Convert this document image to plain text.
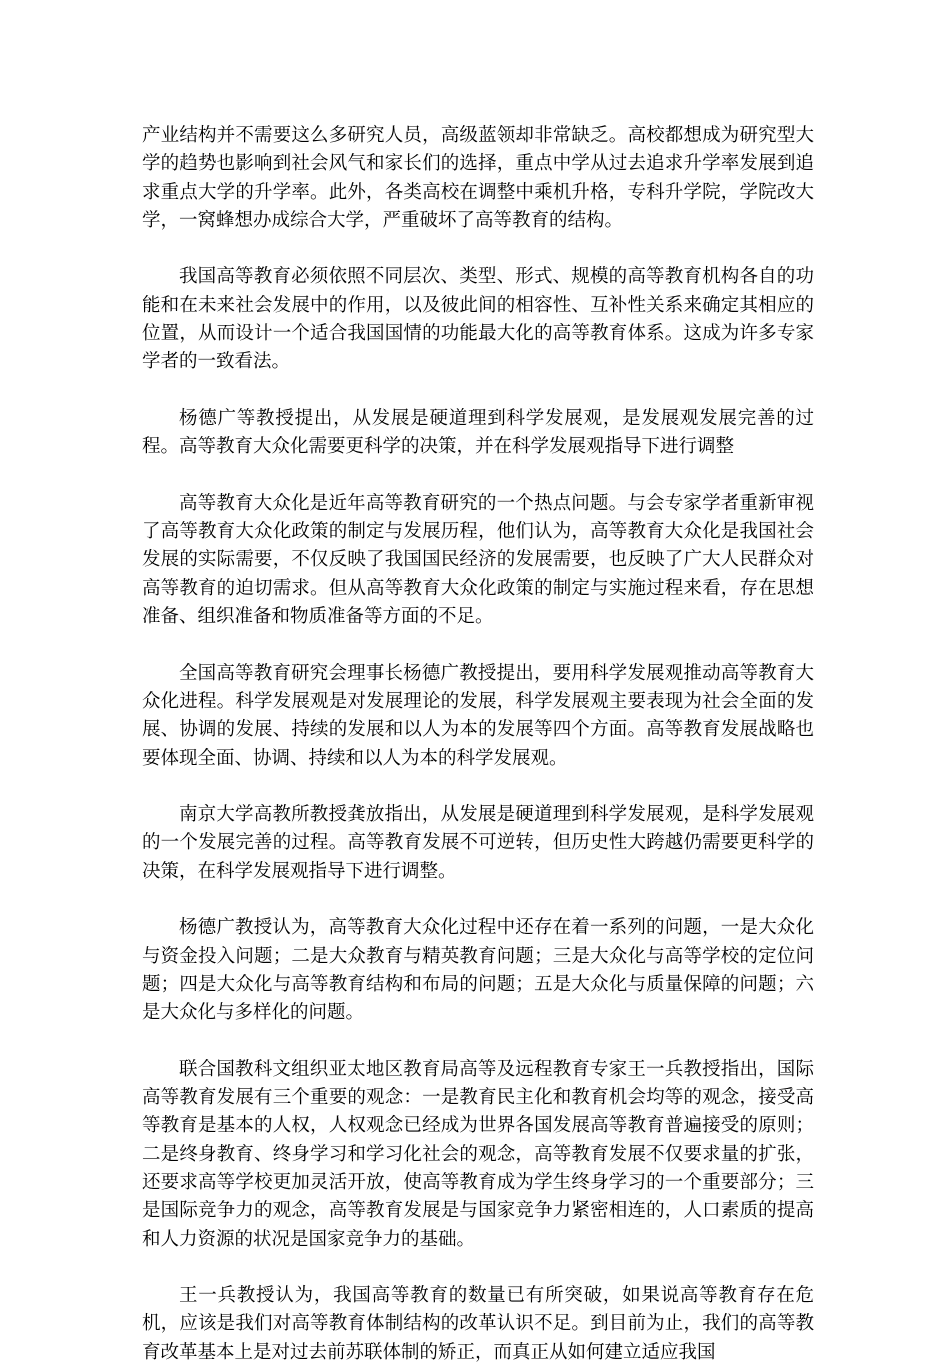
产业结构并不需要这么多研究人员，高级蓝领却非常缺乏。高校都想成为研究型大学的趋势也影响到社会风气和家长们的选择，重点中学从过去追求升学率发展到追求重点大学的升学率。此外，各类高校在调整中乘机升格，专科升学院，学院改大学，一窝蜂想办成综合大学，严重破坏了高等教育的结构。

我国高等教育必须依照不同层次、类型、形式、规模的高等教育机构各自的功能和在未来社会发展中的作用，以及彼此间的相容性、互补性关系来确定其相应的位置，从而设计一个适合我国国情的功能最大化的高等教育体系。这成为许多专家学者的一致看法。

杨德广等教授提出，从发展是硬道理到科学发展观，是发展观发展完善的过程。高等教育大众化需要更科学的决策，并在科学发展观指导下进行调整

高等教育大众化是近年高等教育研究的一个热点问题。与会专家学者重新审视了高等教育大众化政策的制定与发展历程，他们认为，高等教育大众化是我国社会发展的实际需要，不仅反映了我国国民经济的发展需要，也反映了广大人民群众对高等教育的迫切需求。但从高等教育大众化政策的制定与实施过程来看，存在思想准备、组织准备和物质准备等方面的不足。

全国高等教育研究会理事长杨德广教授提出，要用科学发展观推动高等教育大众化进程。科学发展观是对发展理论的发展，科学发展观主要表现为社会全面的发展、协调的发展、持续的发展和以人为本的发展等四个方面。高等教育发展战略也要体现全面、协调、持续和以人为本的科学发展观。

南京大学高教所教授龚放指出，从发展是硬道理到科学发展观，是科学发展观的一个发展完善的过程。高等教育发展不可逆转，但历史性大跨越仍需要更科学的决策，在科学发展观指导下进行调整。

杨德广教授认为，高等教育大众化过程中还存在着一系列的问题，一是大众化与资金投入问题；二是大众教育与精英教育问题；三是大众化与高等学校的定位问题；四是大众化与高等教育结构和布局的问题；五是大众化与质量保障的问题；六是大众化与多样化的问题。

联合国教科文组织亚太地区教育局高等及远程教育专家王一兵教授指出，国际高等教育发展有三个重要的观念：一是教育民主化和教育机会均等的观念，接受高等教育是基本的人权，人权观念已经成为世界各国发展高等教育普遍接受的原则；二是终身教育、终身学习和学习化社会的观念，高等教育发展不仅要求量的扩张，还要求高等学校更加灵活开放，使高等教育成为学生终身学习的一个重要部分；三是国际竞争力的观念，高等教育发展是与国家竞争力紧密相连的，人口素质的提高和人力资源的状况是国家竞争力的基础。

王一兵教授认为，我国高等教育的数量已有所突破，如果说高等教育存在危机，应该是我们对高等教育体制结构的改革认识不足。到目前为止，我们的高等教育改革基本上是对过去前苏联体制的矫正，而真正从如何建立适应我国
